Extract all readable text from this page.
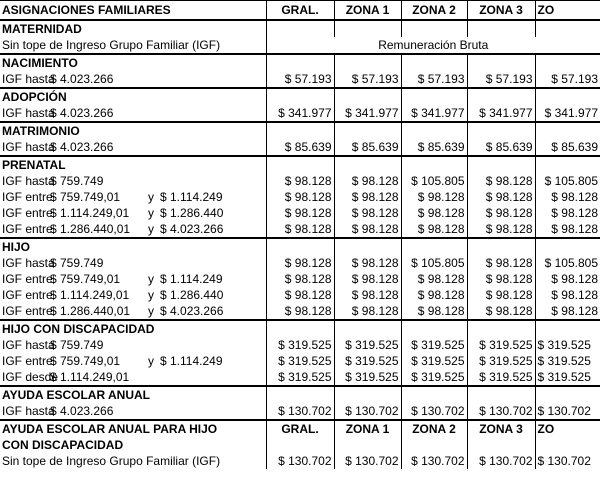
ASIGNACIONES FAMILIARES	GRAL.	ZONA 1	ZONA 2	ZONA 3	ZO
MATERNIDAD					
Sin tope de Ingreso Grupo Familiar (IGF)	Remuneración Bruta				
NACIMIENTO					
IGF hasta$ 4.023.266	$ 57.193	$ 57.193	$ 57.193	$ 57.193	$ 57.193
ADOPCIÓN					
IGF hasta$ 4.023.266	$ 341.977	$ 341.977	$ 341.977	$ 341.977	$ 341.977
MATRIMONIO					
IGF hasta$ 4.023.266	$ 85.639	$ 85.639	$ 85.639	$ 85.639	$ 85.639
PRENATAL					
IGF hasta$ 759.749	$ 98.128	$ 98.128	$ 105.805	$ 98.128	$ 105.805
IGF entre$ 759.749,01 y $ 1.114.249	$ 98.128	$ 98.128	$ 98.128	$ 98.128	$ 98.128
IGF entre$ 1.114.249,01 y $ 1.286.440	$ 98.128	$ 98.128	$ 98.128	$ 98.128	$ 98.128
IGF entre$ 1.286.440,01 y $ 4.023.266	$ 98.128	$ 98.128	$ 98.128	$ 98.128	$ 98.128
HIJO					
IGF hasta$ 759.749	$ 98.128	$ 98.128	$ 105.805	$ 98.128	$ 105.805
IGF entre$ 759.749,01 y $ 1.114.249	$ 98.128	$ 98.128	$ 98.128	$ 98.128	$ 98.128
IGF entre$ 1.114.249,01 y $ 1.286.440	$ 98.128	$ 98.128	$ 98.128	$ 98.128	$ 98.128
IGF entre$ 1.286.440,01 y $ 4.023.266	$ 98.128	$ 98.128	$ 98.128	$ 98.128	$ 98.128
HIJO CON DISCAPACIDAD					
IGF hasta$ 759.749	$ 319.525	$ 319.525	$ 319.525	$ 319.525	$ 319.525
IGF entre$ 759.749,01 y $ 1.114.249	$ 319.525	$ 319.525	$ 319.525	$ 319.525	$ 319.525
IGF desde$ 1.114.249,01	$ 319.525	$ 319.525	$ 319.525	$ 319.525	$ 319.525
AYUDA ESCOLAR ANUAL					
IGF hasta$ 4.023.266	$ 130.702	$ 130.702	$ 130.702	$ 130.702	$ 130.702
AYUDA ESCOLAR ANUAL PARA HIJO	GRAL.	ZONA 1	ZONA 2	ZONA 3	ZO
CON DISCAPACIDAD					
Sin tope de Ingreso Grupo Familiar (IGF)	$ 130.702	$ 130.702	$ 130.702	$ 130.702	$ 130.702
